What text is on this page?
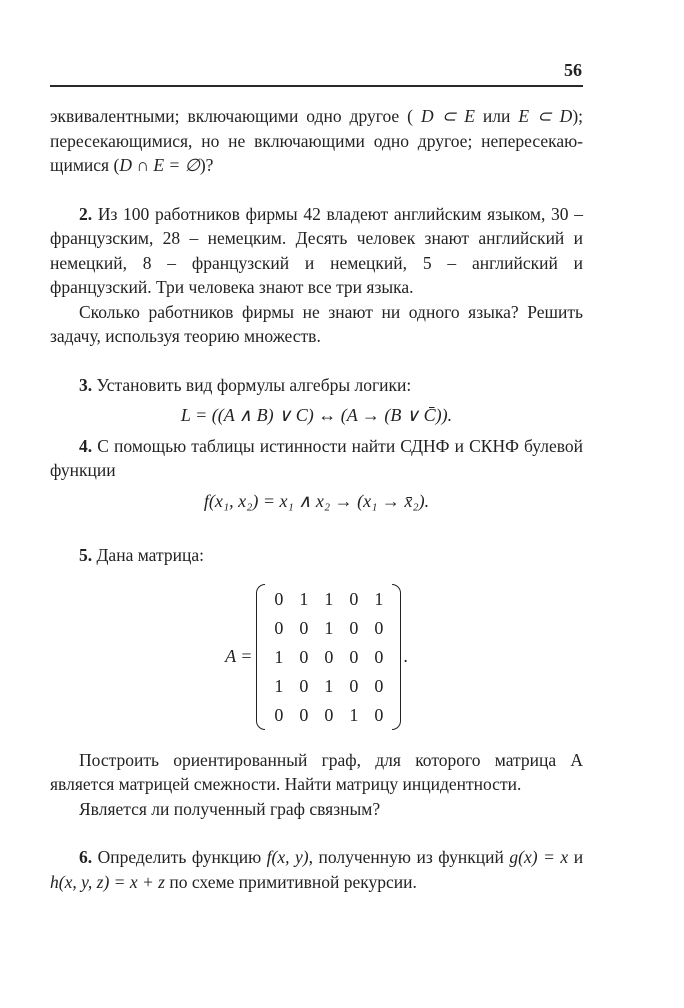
56

эквивалентными; включающими одно другое ( D ⊂ E или E ⊂ D); пересекающимися, но не включающими одно другое; непересекаю- щимися (D ∩ E = ∅)?

2. Из 100 работников фирмы 42 владеют английским языком, 30 – французским, 28 – немецким. Десять человек знают английский и немецкий, 8 – французский и немецкий, 5 – английский и французский. Три человека знают все три языка.

Сколько работников фирмы не знают ни одного языка? Решить задачу, используя теорию множеств.

3. Установить вид формулы алгебры логики:

L = ((A ∧ B) ∨ C) ↔ (A → (B ∨ C̄)).

4. С помощью таблицы истинности найти СДНФ и СКНФ булевой функции

f(x₁, x₂) = x₁ ∧ x₂ → (x₁ → x̄₂).

5. Дана матрица:

A =
0 1 1 0 1
0 0 1 0 0
1 0 0 0 0
1 0 1 0 0
0 0 0 1 0
.

Построить ориентированный граф, для которого матрица A является матрицей смежности. Найти матрицу инцидентности.

Является ли полученный граф связным?

6. Определить функцию f(x, y), полученную из функций g(x) = x и h(x, y, z) = x + z по схеме примитивной рекурсии.
